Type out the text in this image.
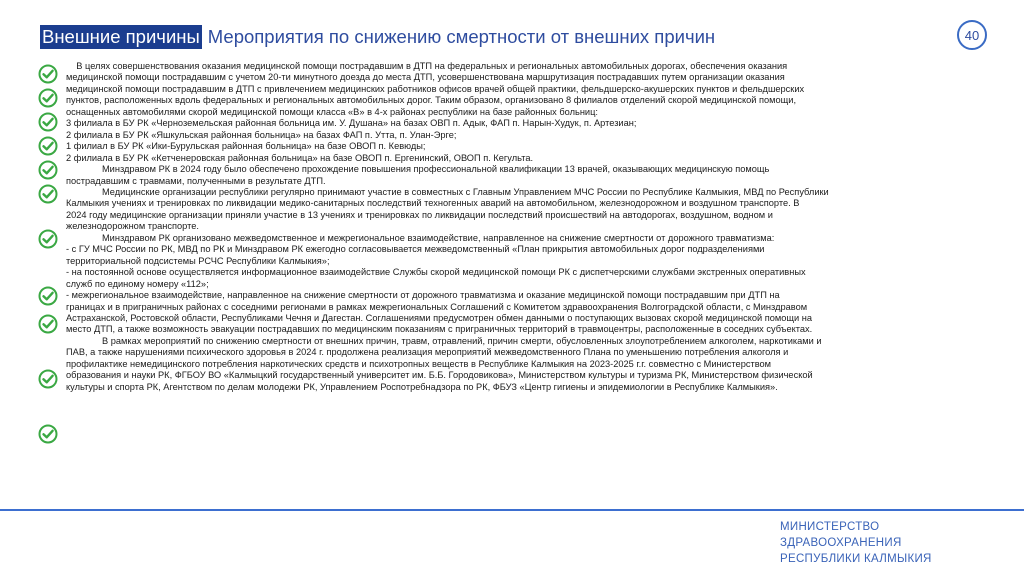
Внешние причины Мероприятия по снижению смертности от внешних причин	40

В целях совершенствования оказания медицинской помощи пострадавшим в ДТП на федеральных и региональных автомобильных дорогах, обеспечения оказания

медицинской помощи пострадавшим с учетом 20-ти минутного доезда до места ДТП, усовершенствована маршрутизация пострадавших путем организации оказания

медицинской помощи пострадавшим в ДТП с привлечением медицинских работников офисов врачей общей практики, фельдшерско-акушерских пунктов и фельдшерских

пунктов, расположенных вдоль федеральных и региональных автомобильных дорог. Таким образом, организовано 8 филиалов отделений скорой медицинской помощи,

оснащенных автомобилями скорой медицинской помощи класса «В» в 4-х районах республики на базе районных больниц:

3 филиала в БУ РК «Черноземельская районная больница им. У. Душана» на базах ОВП п. Адык, ФАП п. Нарын-Худук, п. Артезиан;

2 филиала в БУ РК «Яшкульская районная больница» на базах ФАП п. Утта, п. Улан-Эрге;

1 филиал в БУ РК «Ики-Бурульская районная больница» на базе ОВОП п. Кевюды;

2 филиала в БУ РК «Кетченеровская районная больница» на базе ОВОП п. Ергенинский, ОВОП п. Кегульта.

Минздравом РК в 2024 году было обеспечено прохождение повышения профессиональной квалификации 13 врачей, оказывающих медицинскую помощь

пострадавшим с травмами, полученными в результате ДТП.

Медицинские организации республики регулярно принимают участие в совместных с Главным Управлением МЧС России по Республике Калмыкия, МВД по Республики

Калмыкия учениях и тренировках по ликвидации медико-санитарных последствий техногенных аварий на автомобильном, железнодорожном и воздушном транспорте. В

2024 году медицинские организации приняли участие в 13 учениях и тренировках по ликвидации последствий происшествий на автодорогах, воздушном, водном и

железнодорожном транспорте.

Минздравом РК организовано межведомственное и межрегиональное взаимодействие, направленное на снижение смертности от дорожного травматизма:

- с ГУ МЧС России по РК, МВД по РК и Минздравом РК ежегодно согласовывается межведомственный «План прикрытия автомобильных дорог подразделениями

территориальной подсистемы РСЧС Республики Калмыкия»;

- на постоянной основе осуществляется информационное взаимодействие Службы скорой медицинской помощи РК с диспетчерскими службами экстренных оперативных

служб по единому номеру «112»;

- межрегиональное взаимодействие, направленное на снижение смертности от дорожного травматизма и оказание медицинской помощи пострадавшим при ДТП на

границах и в приграничных районах с соседними регионами в рамках межрегиональных Соглашений с Комитетом здравоохранения Волгоградской области, с Минздравом

Астраханской, Ростовской области, Республиками Чечня и Дагестан. Соглашениями предусмотрен обмен данными о поступающих вызовах скорой медицинской помощи на

место ДТП, а также возможность эвакуации пострадавших по медицинским показаниям с приграничных территорий в травмоцентры, расположенные в соседних субъектах.

В рамках мероприятий по снижению смертности от внешних причин, травм, отравлений, причин смерти, обусловленных злоупотреблением алкоголем, наркотиками и

ПАВ, а также нарушениями психического здоровья в 2024 г. продолжена реализация мероприятий межведомственного Плана по уменьшению потребления алкоголя и

профилактике немедицинского потребления наркотических средств и психотропных веществ в Республике Калмыкия на 2023-2025 г.г. совместно с Министерством

образования и науки РК, ФГБОУ ВО «Калмыцкий государственный университет им. Б.Б. Городовикова», Министерством культуры и туризма РК, Министерством физической

культуры и спорта РК, Агентством по делам молодежи РК, Управлением Роспотребнадзора по РК, ФБУЗ «Центр гигиены и эпидемиологии в Республике Калмыкия».

МИНИСТЕРСТВО
ЗДРАВООХРАНЕНИЯ
РЕСПУБЛИКИ КАЛМЫКИЯ
